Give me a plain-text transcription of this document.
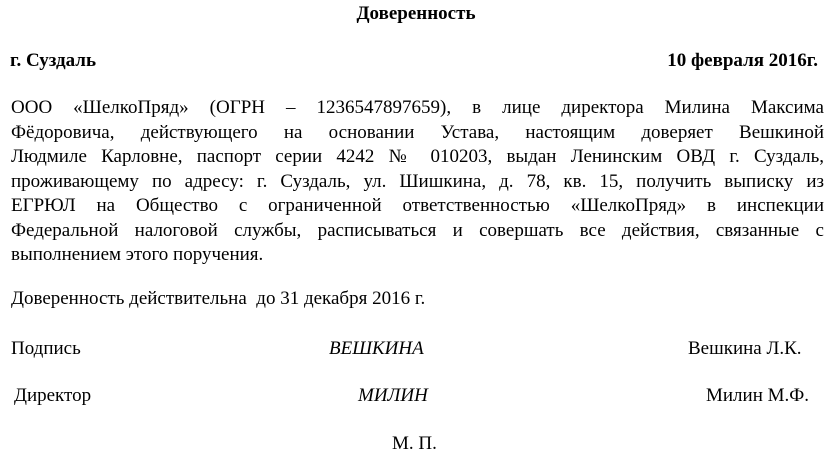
Доверенность
г. Суздаль	10 февраля 2016г.
ООО «ШелкоПряд» (ОГРН – 1236547897659), в лице директора Милина Максима
Фёдоровича, действующего на основании Устава, настоящим доверяет Вешкиной
Людмиле Карловне, паспорт серии 4242 № 010203, выдан Ленинским ОВД г. Суздаль,
проживающему по адресу: г. Суздаль, ул. Шишкина, д. 78, кв. 15, получить выписку из
ЕГРЮЛ на Общество с ограниченной ответственностью «ШелкоПряд» в инспекции
Федеральной налоговой службы, расписываться и совершать все действия, связанные с
выполнением этого поручения.
Доверенность действительна  до 31 декабря 2016 г.
Подпись	ВЕШКИНА	Вешкина Л.К.
Директор	МИЛИН	Милин М.Ф.
М. П.
